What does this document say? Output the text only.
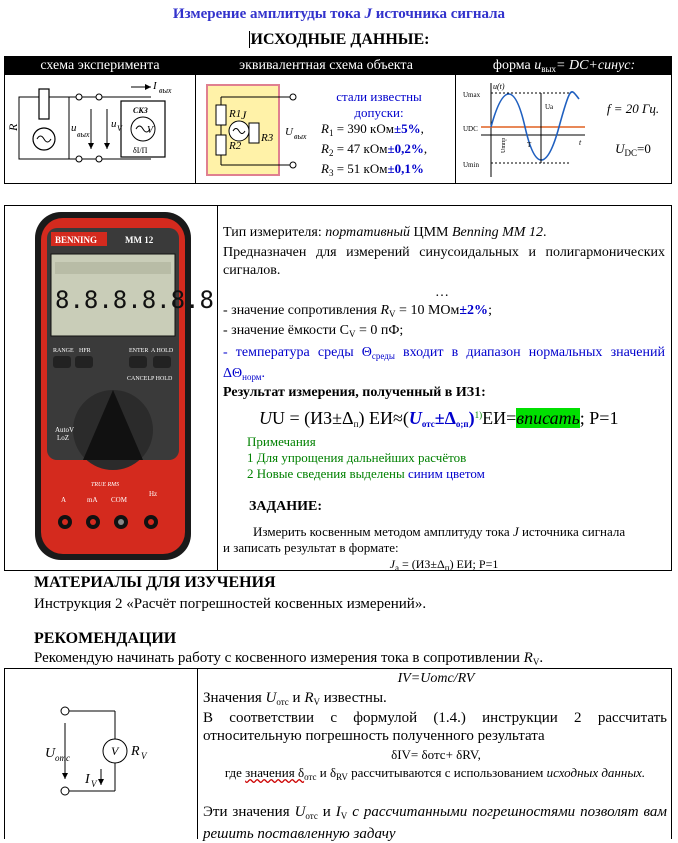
Измерение амплитуды тока J источника сигнала
ИСХОДНЫЕ ДАННЫЕ:
схема эксперимента	эквивалентная схема объекта	форма $u_{вых}=$ DC+синус:
R	u
вых
u V
I вых
СКЗ
V
δI/Π
R1
R2
J
R3 U вых
стали известны
допуски:
$R_1 = 390$ кОм±5%,
$R_2 = 47$ кОм±0,2%,
$R_3 = 51$ кОм±0,1%
u(t)
t
Umax
UDC
Umin
Ua
T
Umпp
f = 20 Гц.
$U_{DC}=0$
BENNING	MM 12
8.8.8.8.8.8
RANGE HFR	ENTER A HOLD
CANCEL P HOLD
AutoV
LoZ
TRUE RMS
A	mA COM
Hz
Тип измерителя: портативный ЦММ Benning MM 12.
Предназначен для измерений синусоидальных и полигармонических сигналов.
…
- значение сопротивления $R_V = 10$ МОм±2%;
- значение ёмкости $С_V = 0$ пФ;
- температура среды $\Theta_{среды}$ входит в диапазон нормальных значений $\Delta\Theta_{норм}$.
Результат измерения, полученный в ИЗ1:
UU = $(ИЗ\pm\Delta_п)$ $ЕИ\approx(U_{отс}\pm\Delta_{о;п})^{1)}ЕИ=вписать$; P=1
Примечания
1 Для упрощения дальнейших расчётов
2 Новые сведения выделены синим цветом
ЗАДАНИЕ:
Измерить косвенным методом амплитуду тока J источника сигнала
и записать результат в формате:
$J_a = (ИЗ\pm\Delta_п)$ ЕИ; P=1
МАТЕРИАЛЫ ДЛЯ ИЗУЧЕНИЯ
Инструкция 2 «Расчёт погрешностей косвенных измерений».
РЕКОМЕНДАЦИИ
Рекомендую начинать работу с косвенного измерения тока в сопротивлении $R_V$.
V R V
U отс
I V
IV=Uотс/RV
Значения $U_{отс}$ и $R_V$ известны.
В соответствии с формулой (1.4.) инструкции 2 рассчитать относительную погрешность полученного результата
δIV= δотс+ δRV,
где значения $\delta_{отс}$ и $\delta_{RV}$ рассчитываются с использованием исходных данных.
Эти значения $U_{отс}$ и $I_V$ с рассчитанными погрешностями позволят вам решить поставленную задачу
